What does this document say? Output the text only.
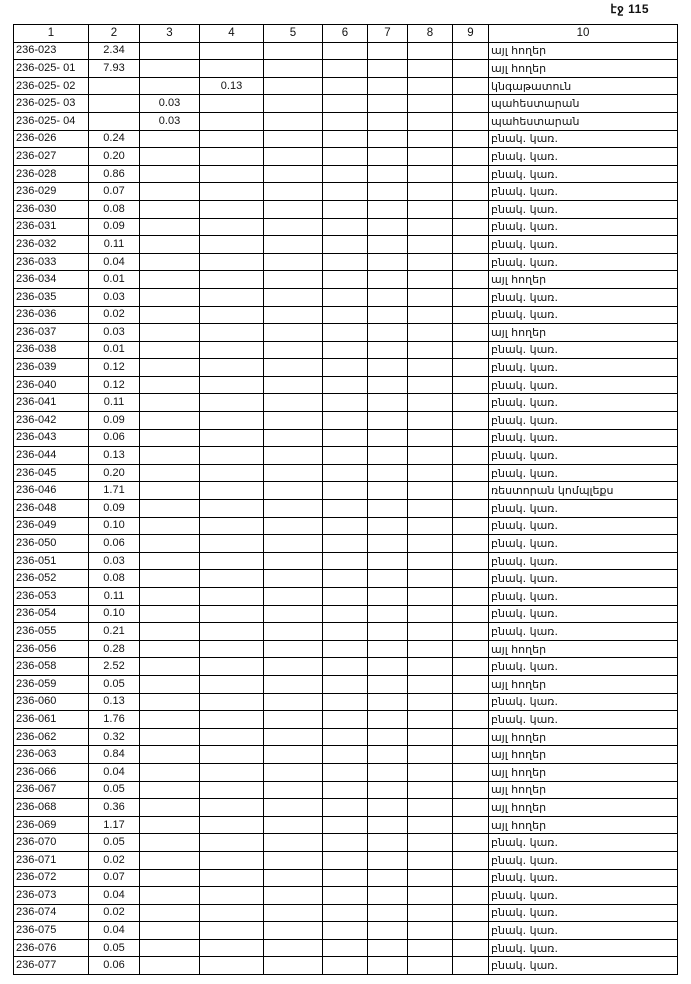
էջ 115
1	2	3	4	5	6	7	8	9	10
236-023	2.34								այլ հողեր
236-025- 01	7.93								այլ հողեր
236-025- 02			0.13						կնգաթատուն
236-025- 03		0.03							պահեստարան
236-025- 04		0.03							պահեստարան
236-026	0.24								բնակ. կառ.
236-027	0.20								բնակ. կառ.
236-028	0.86								բնակ. կառ.
236-029	0.07								բնակ. կառ.
236-030	0.08								բնակ. կառ.
236-031	0.09								բնակ. կառ.
236-032	0.11								բնակ. կառ.
236-033	0.04								բնակ. կառ.
236-034	0.01								այլ հողեր
236-035	0.03								բնակ. կառ.
236-036	0.02								բնակ. կառ.
236-037	0.03								այլ հողեր
236-038	0.01								բնակ. կառ.
236-039	0.12								բնակ. կառ.
236-040	0.12								բնակ. կառ.
236-041	0.11								բնակ. կառ.
236-042	0.09								բնակ. կառ.
236-043	0.06								բնակ. կառ.
236-044	0.13								բնակ. կառ.
236-045	0.20								բնակ. կառ.
236-046	1.71								ռեստորան կոմպլեքս
236-048	0.09								բնակ. կառ.
236-049	0.10								բնակ. կառ.
236-050	0.06								բնակ. կառ.
236-051	0.03								բնակ. կառ.
236-052	0.08								բնակ. կառ.
236-053	0.11								բնակ. կառ.
236-054	0.10								բնակ. կառ.
236-055	0.21								բնակ. կառ.
236-056	0.28								այլ հողեր
236-058	2.52								բնակ. կառ.
236-059	0.05								այլ հողեր
236-060	0.13								բնակ. կառ.
236-061	1.76								բնակ. կառ.
236-062	0.32								այլ հողեր
236-063	0.84								այլ հողեր
236-066	0.04								այլ հողեր
236-067	0.05								այլ հողեր
236-068	0.36								այլ հողեր
236-069	1.17								այլ հողեր
236-070	0.05								բնակ. կառ.
236-071	0.02								բնակ. կառ.
236-072	0.07								բնակ. կառ.
236-073	0.04								բնակ. կառ.
236-074	0.02								բնակ. կառ.
236-075	0.04								բնակ. կառ.
236-076	0.05								բնակ. կառ.
236-077	0.06								բնակ. կառ.
